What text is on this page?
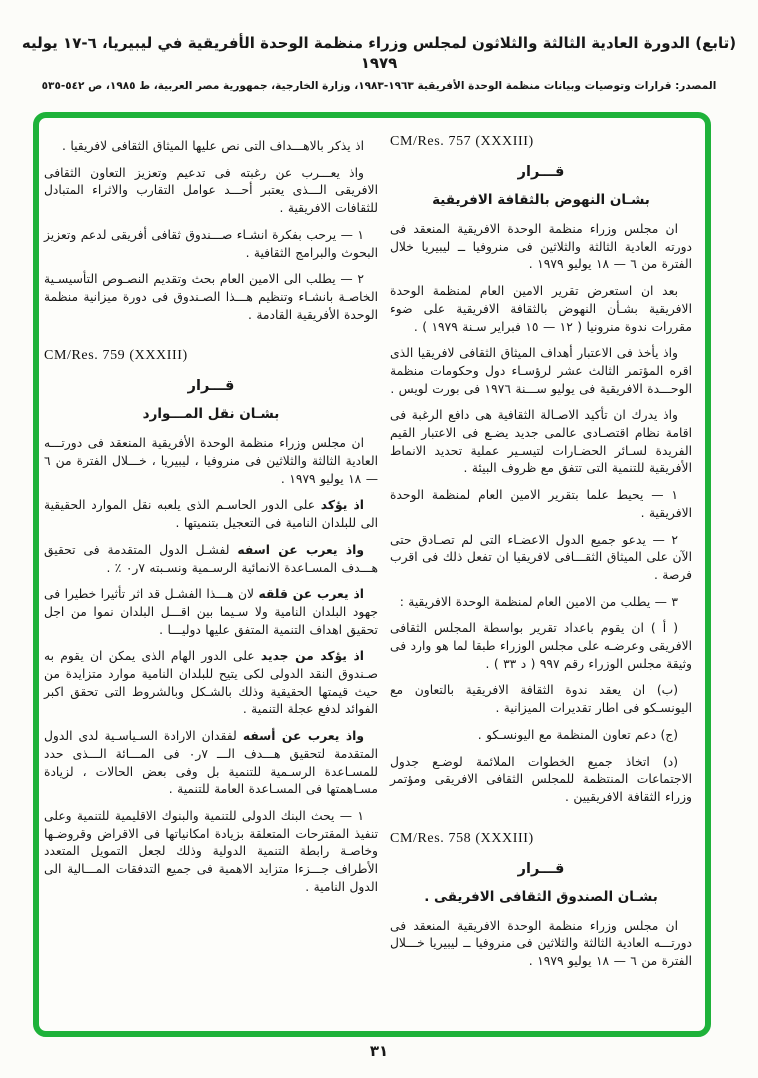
(تابع) الدورة العادية الثالثة والثلاثون لمجلس وزراء منظمة الوحدة الأفريقية في ليبيريا، ٦-١٧ يوليه ١٩٧٩
المصدر: قرارات وتوصيات وبيانات منظمة الوحدة الأفريقية ١٩٦٣-١٩٨٣، وزارة الخارجية، جمهورية مصر العربية، ط ١٩٨٥، ص ٥٤٢-٥٣٥
CM/Res. 757 (XXXIII)
قـــرار
بشـان النهوض بالثقافة الافريقية

ان مجلس وزراء منظمة الوحدة الافريقية المنعقد فى دورته العادية الثالثة والثلاثين فى منروفيا ــ ليبيريا خلال الفترة من ٦ — ١٨ يوليو ١٩٧٩ .

بعد ان استعرض تقرير الامين العام لمنظمة الوحدة الافريقية بشـأن النهوض بالثقافة الافريقية على ضوء مقررات ندوة منرونيا ( ١٢ — ١٥ فبراير سـنة ١٩٧٩ ) .

واذ يأخذ فى الاعتبار أهداف الميثاق الثقافى لافريقيا الذى اقره المؤتمر الثالث عشر لرؤسـاء دول وحكومات منظمة الوحـــدة الافريقية فى يوليو ســـنة ١٩٧٦ فى بورت لويس .

واذ يدرك ان تأكيد الاصـالة الثقافية هى دافع الرغبة فى اقامة نظام اقتصـادى عالمى جديد يضـع فى الاعتبار القيم الفريدة لسـائر الحضـارات لتيسـير عملية تحديد الانماط الأفريقية للتنمية التى تتفق مع ظروف البيئة .

١ — يحيط علما بتقرير الامين العام لمنظمة الوحدة الافريقية .

٢ — يدعو جميع الدول الاعضـاء التى لم تصـادق حتى الآن على الميثاق الثقـــافى لافريقيا ان تفعل ذلك فى اقرب فرصة .

٣ — يطلب من الامين العام لمنظمة الوحدة الافريقية :

( أ ) ان يقوم باعداد تقرير بواسطة المجلس الثقافى الافريقى وعرضـه على مجلس الوزراء طبقا لما هو وارد فى وثيقة مجلس الوزراء رقم ٩٩٧ ( د ٣٣ ) .

(ب) ان يعقد ندوة الثقافة الافريقية بالتعاون مع اليونسـكو فى اطار تقديرات الميزانية .

(ج) دعم تعاون المنظمة مع اليونسـكو .

(د) اتخاذ جميع الخطوات الملائمة لوضـع جدول الاجتماعات المنتظمة للمجلس الثقافى الافريقى ومؤتمر وزراء الثقافة الافريقيين .

CM/Res. 758 (XXXIII)
قـــرار
بشـان الصندوق الثقافى الافريقى .

ان مجلس وزراء منظمة الوحدة الافريقية المنعقد فى دورتـــه العادية الثالثة والثلاثين فى منروفيا ــ ليبيريا خـــلال الفترة من ٦ — ١٨ يوليو ١٩٧٩ .

اذ يذكر بالاهـــداف التى نص عليها الميثاق الثقافى لافريقيا .

واذ يعـــرب عن رغبته فى تدعيم وتعزيز التعاون الثقافى الافريقى الـــذى يعتبر أحـــد عوامل التقارب والاثراء المتبادل للثقافات الافريقية .

١ — يرحب بفكرة انشـاء صـــندوق ثقافى أفريقى لدعم وتعزيز البحوث والبرامج الثقافية .

٢ — يطلب الى الامين العام بحث وتقديم النصـوص التأسيسـية الخاصـة بانشـاء وتنظيم هـــذا الصـندوق فى دورة ميزانية منظمة الوحدة الأفريقية القادمة .

CM/Res. 759 (XXXIII)
قـــرار
بشـان نقل المـــوارد

ان مجلس وزراء منظمة الوحدة الأفريقية المنعقد فى دورتـــه العادية الثالثة والثلاثين فى منروفيا ، ليبيريا ، خـــلال الفترة من ٦ — ١٨ يوليو ١٩٧٩ .

اذ يؤكد على الدور الحاسـم الذى يلعبه نقل الموارد الحقيقية الى للبلدان النامية فى التعجيل بتنميتها .

واذ يعرب عن اسفه لفشـل الدول المتقدمة فى تحقيق هـــدف المسـاعدة الانمائية الرسـمية ونسـبته ٧ر٠ ٪ .

اذ يعرب عن قلقه لان هـــذا الفشـل قد اثر تأثيرا خطيرا فى جهود البلدان النامية ولا سـيما بين اقـــل البلدان نموا من اجل تحقيق اهداف التنمية المتفق عليها دوليـــا .

اذ يؤكد من جديد على الدور الهام الذى يمكن ان يقوم به صـندوق النقد الدولى لكى يتيح للبلدان النامية موارد متزايدة من حيث قيمتها الحقيقية وذلك بالشـكل وبالشروط التى تحقق اكبر الفوائد لدفع عجلة التنمية .

واذ يعرب عن أسفه لفقدان الارادة السـياسـية لدى الدول المتقدمة لتحقيق هـــدف الـــ ٧ر٠ فى المـــائة الـــذى حدد للمسـاعدة الرسـمية للتنمية بل وفى بعض الحالات ، لزيادة مسـاهمتها فى المسـاعدة العامة للتنمية .

١ — يحث البنك الدولى للتنمية والبنوك الاقليمية للتنمية وعلى تنفيذ المقترحات المتعلقة بزيادة امكانياتها فى الاقراض وقروضـها وخاصـة رابطة التنمية الدولية وذلك لجعل التمويل المتعدد الأطراف جـــزءا متزايد الاهمية فى جميع التدفقات المـــالية الى الدول النامية .

٣١
